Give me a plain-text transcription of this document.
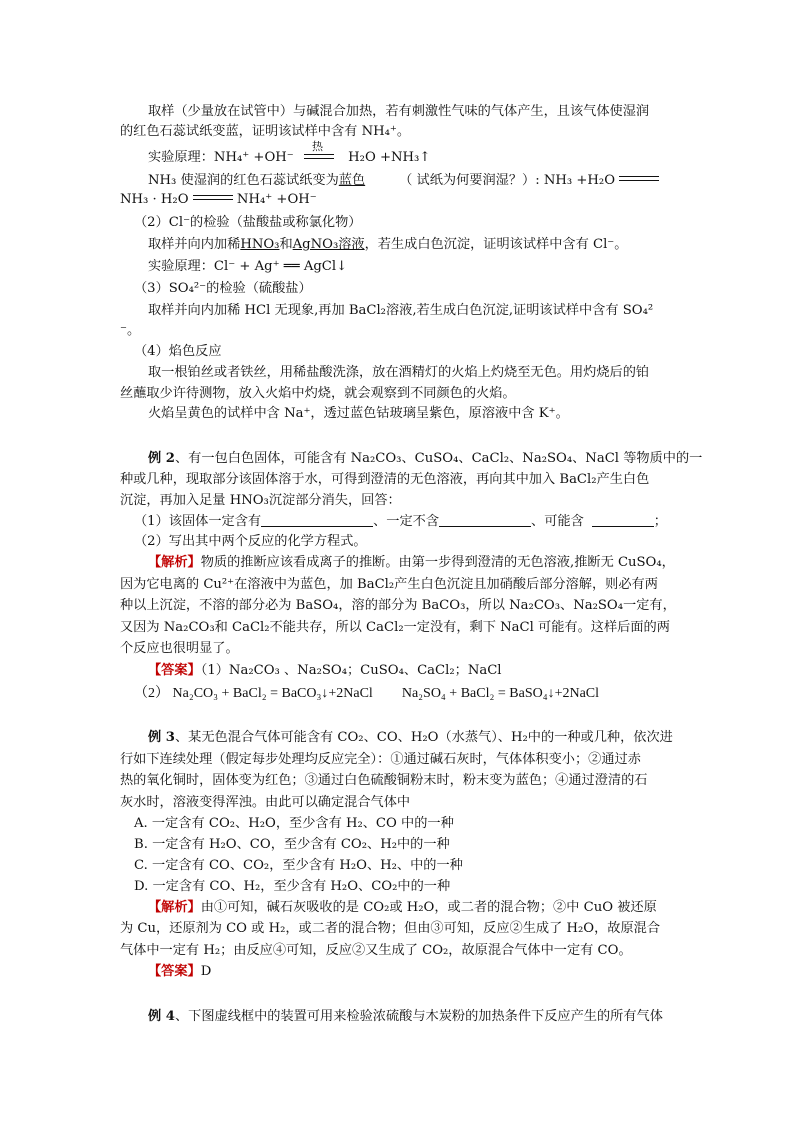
取样（少量放在试管中）与碱混合加热，若有刺激性气味的气体产生，且该气体使湿润
的红色石蕊试纸变蓝，证明该试样中含有 NH₄⁺。
实验原理：NH₄⁺ +OH⁻
热
H₂O +NH₃↑
NH₃ 使湿润的红色石蕊试纸变为蓝色	（ 试纸为何要润湿？）: NH₃ +H₂O
NH₃ · H₂O	NH₄⁺ +OH⁻
（2）Cl⁻的检验（盐酸盐或称氯化物）
取样并向内加稀HNO₃和AgNO₃溶液，若生成白色沉淀，证明该试样中含有 Cl⁻。
实验原理：Cl⁻ + Ag⁺ ══ AgCl↓
（3）SO₄²⁻的检验（硫酸盐）
取样并向内加稀 HCl 无现象,再加 BaCl₂溶液,若生成白色沉淀,证明该试样中含有 SO₄²
⁻。
（4）焰色反应
取一根铂丝或者铁丝，用稀盐酸洗涤，放在酒精灯的火焰上灼烧至无色。用灼烧后的铂
丝蘸取少许待测物，放入火焰中灼烧，就会观察到不同颜色的火焰。
火焰呈黄色的试样中含 Na⁺，透过蓝色钴玻璃呈紫色，原溶液中含 K⁺。
例 2、有一包白色固体，可能含有 Na₂CO₃、CuSO₄、CaCl₂、Na₂SO₄、NaCl 等物质中的一
种或几种，现取部分该固体溶于水，可得到澄清的无色溶液，再向其中加入 BaCl₂产生白色
沉淀，再加入足量 HNO₃沉淀部分消失，回答：
（1）该固体一定含有	、一定不含	、可能含	；
（2）写出其中两个反应的化学方程式。
【解析】物质的推断应该看成离子的推断。由第一步得到澄清的无色溶液,推断无 CuSO₄，
因为它电离的 Cu²⁺在溶液中为蓝色，加 BaCl₂产生白色沉淀且加硝酸后部分溶解，则必有两
种以上沉淀，不溶的部分必为 BaSO₄，溶的部分为 BaCO₃，所以 Na₂CO₃、Na₂SO₄一定有，
又因为 Na₂CO₃和 CaCl₂不能共存，所以 CaCl₂一定没有，剩下 NaCl 可能有。这样后面的两
个反应也很明显了。
【答案】（1）Na₂CO₃ 、Na₂SO₄；CuSO₄、CaCl₂；NaCl
（2） Na₂CO₃ + BaCl₂ = BaCO₃↓+2NaCl Na₂SO₄ + BaCl₂ = BaSO₄↓+2NaCl
例 3、某无色混合气体可能含有 CO₂、CO、H₂O（水蒸气）、H₂中的一种或几种，依次进
行如下连续处理（假定每步处理均反应完全）：①通过碱石灰时，气体体积变小；②通过赤
热的氧化铜时，固体变为红色；③通过白色硫酸铜粉末时，粉末变为蓝色；④通过澄清的石
灰水时，溶液变得浑浊。由此可以确定混合气体中
A. 一定含有 CO₂、H₂O，至少含有 H₂、CO 中的一种
B. 一定含有 H₂O、CO，至少含有 CO₂、H₂中的一种
C. 一定含有 CO、CO₂，至少含有 H₂O、H₂、中的一种
D. 一定含有 CO、H₂，至少含有 H₂O、CO₂中的一种
【解析】由①可知，碱石灰吸收的是 CO₂或 H₂O，或二者的混合物；②中 CuO 被还原
为 Cu，还原剂为 CO 或 H₂，或二者的混合物；但由③可知，反应②生成了 H₂O，故原混合
气体中一定有 H₂；由反应④可知，反应②又生成了 CO₂，故原混合气体中一定有 CO。
【答案】D
例 4、下图虚线框中的装置可用来检验浓硫酸与木炭粉的加热条件下反应产生的所有气体
